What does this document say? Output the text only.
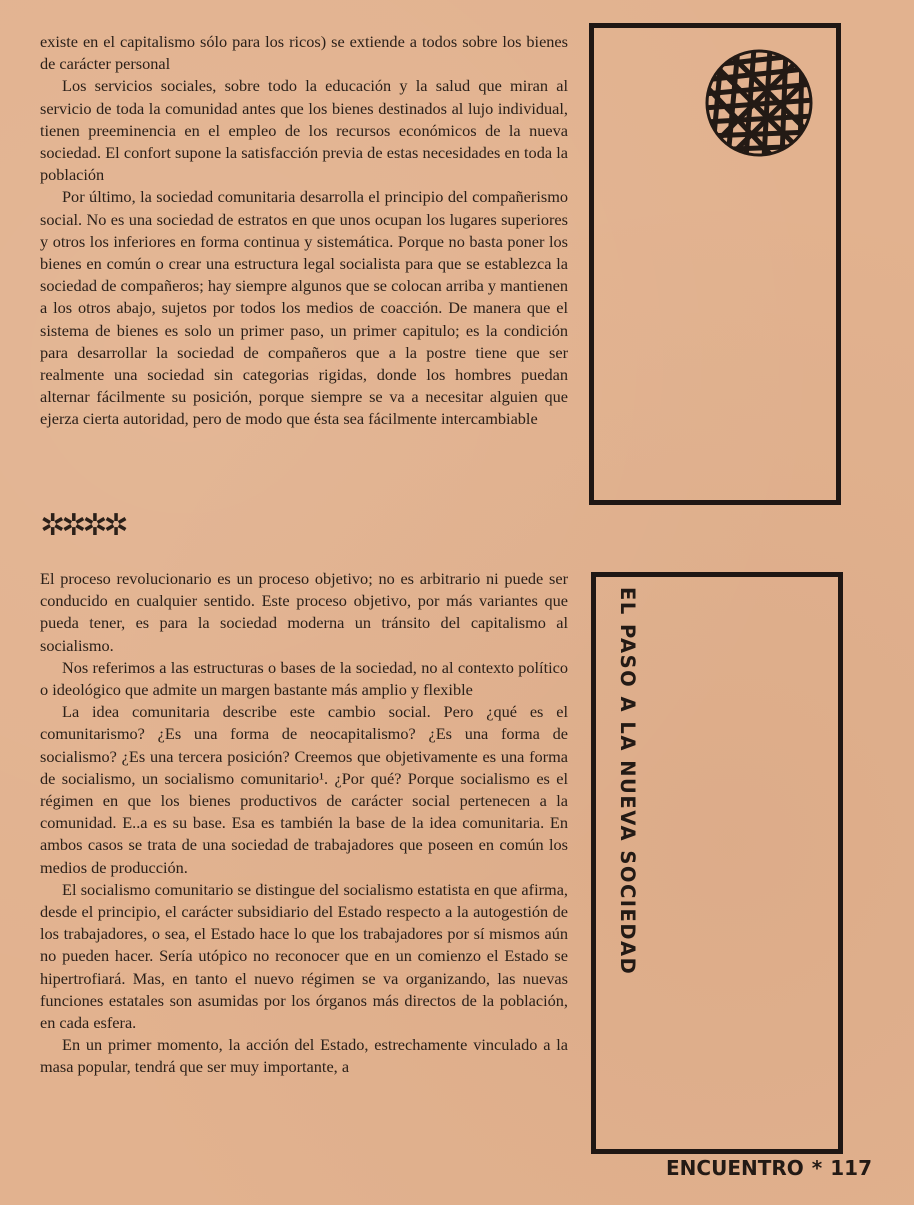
existe en el capitalismo sólo para los ricos) se extiende a todos sobre los bienes de carácter personal

Los servicios sociales, sobre todo la educación y la salud que miran al servicio de toda la comunidad antes que los bienes destinados al lujo individual, tienen preeminencia en el empleo de los recursos económicos de la nueva sociedad. El confort supone la satisfacción previa de estas necesidades en toda la población

Por último, la sociedad comunitaria desarrolla el principio del compañerismo social. No es una sociedad de estratos en que unos ocupan los lugares superiores y otros los inferiores en forma continua y sistemática. Porque no basta poner los bienes en común o crear una estructura legal socialista para que se establezca la sociedad de compañeros; hay siempre algunos que se colocan arriba y mantienen a los otros abajo, sujetos por todos los medios de coacción. De manera que el sistema de bienes es solo un primer paso, un primer capitulo; es la condición para desarrollar la sociedad de compañeros que a la postre tiene que ser realmente una sociedad sin categorias rigidas, donde los hombres puedan alternar fácilmente su posición, porque siempre se va a necesitar alguien que ejerza cierta autoridad, pero de modo que ésta sea fácilmente intercambiable

✲✲✲✲

El proceso revolucionario es un proceso objetivo; no es arbitrario ni puede ser conducido en cualquier sentido. Este proceso objetivo, por más variantes que pueda tener, es para la sociedad moderna un tránsito del capitalismo al socialismo.

Nos referimos a las estructuras o bases de la sociedad, no al contexto político o ideológico que admite un margen bastante más amplio y flexible

La idea comunitaria describe este cambio social. Pero ¿qué es el comunitarismo? ¿Es una forma de neocapitalismo? ¿Es una forma de socialismo? ¿Es una tercera posición? Creemos que objetivamente es una forma de socialismo, un socialismo comunitario¹. ¿Por qué? Porque socialismo es el régimen en que los bienes productivos de carácter social pertenecen a la comunidad. E..a es su base. Esa es también la base de la idea comunitaria. En ambos casos se trata de una sociedad de trabajadores que poseen en común los medios de producción.

El socialismo comunitario se distingue del socialismo estatista en que afirma, desde el principio, el carácter subsidiario del Estado respecto a la autogestión de los trabajadores, o sea, el Estado hace lo que los trabajadores por sí mismos aún no pueden hacer. Sería utópico no reconocer que en un comienzo el Estado se hipertrofiará. Mas, en tanto el nuevo régimen se va organizando, las nuevas funciones estatales son asumidas por los órganos más directos de la población, en cada esfera.

En un primer momento, la acción del Estado, estrechamente vinculado a la masa popular, tendrá que ser muy importante, a

EL PASO A LA NUEVA SOCIEDAD
ENCUENTRO * 117
